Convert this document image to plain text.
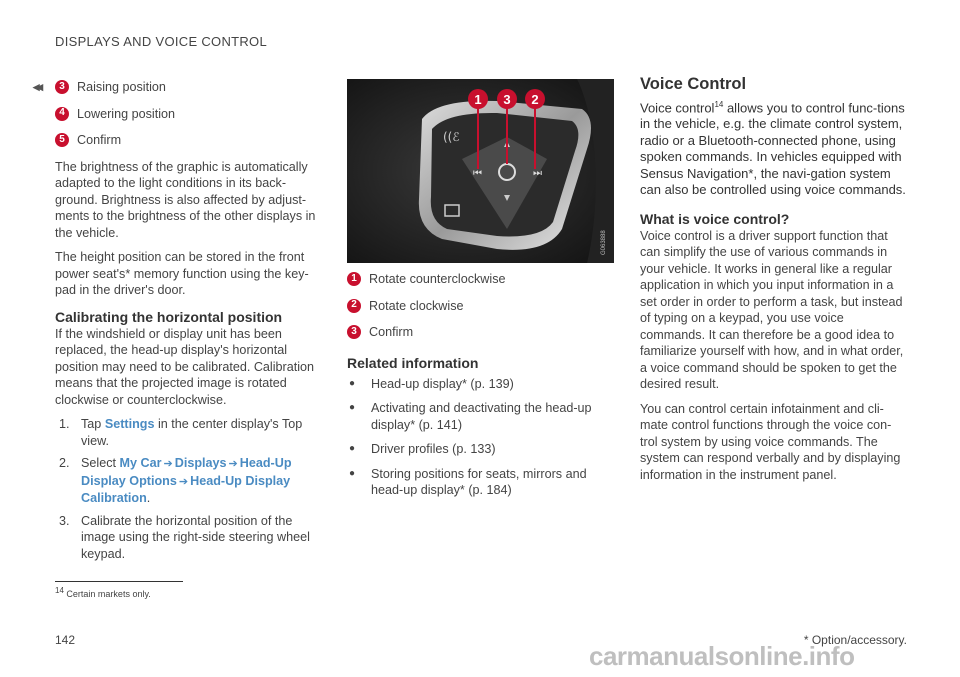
DISPLAYS AND VOICE CONTROL
◂◂	3 Raising position
4 Lowering position
5 Confirm

The brightness of the graphic is automatically adapted to the light conditions in its back-ground. Brightness is also affected by adjust-ments to the brightness of the other displays in the vehicle.

The height position can be stored in the front power seat's* memory function using the key-pad in the driver's door.

Calibrating the horizontal position

If the windshield or display unit has been replaced, the head-up display's horizontal position may need to be calibrated. Calibration means that the projected image is rotated clockwise or counterclockwise.

1. Tap Settings in the center display's Top view.
2. Select My Car ➔ Displays ➔ Head-Up Display Options ➔ Head-Up Display Calibration.
3. Calibrate the horizontal position of the image using the right-side steering wheel keypad.
⏮	⏭
((ℰ
1 3 2
G063888
1 Rotate counterclockwise
2 Rotate clockwise
3 Confirm
Related information
●	Head-up display* (p. 139)
●	Activating and deactivating the head-up display* (p. 141)
●	Driver profiles (p. 133)
●	Storing positions for seats, mirrors and head-up display* (p. 184)
Voice Control

Voice control$^{14}$ allows you to control func-tions in the vehicle, e.g. the climate control system, radio or a Bluetooth-connected phone, using spoken commands. In vehicles equipped with Sensus Navigation*, the navi-gation system can also be controlled using voice commands.

What is voice control?

Voice control is a driver support function that can simplify the use of various commands in your vehicle. It works in general like a regular application in which you input information in a set order in order to perform a task, but instead of typing on a keypad, you use voice commands. It can therefore be a good idea to familiarize yourself with how, and in what order, a voice command should be spoken to get the desired result.

You can control certain infotainment and cli-mate control functions through the voice con-trol system by using voice commands. The system can respond verbally and by displaying information in the instrument panel.

$^{14}$ Certain markets only.
142	* Option/accessory.
carmanualsonline.info
